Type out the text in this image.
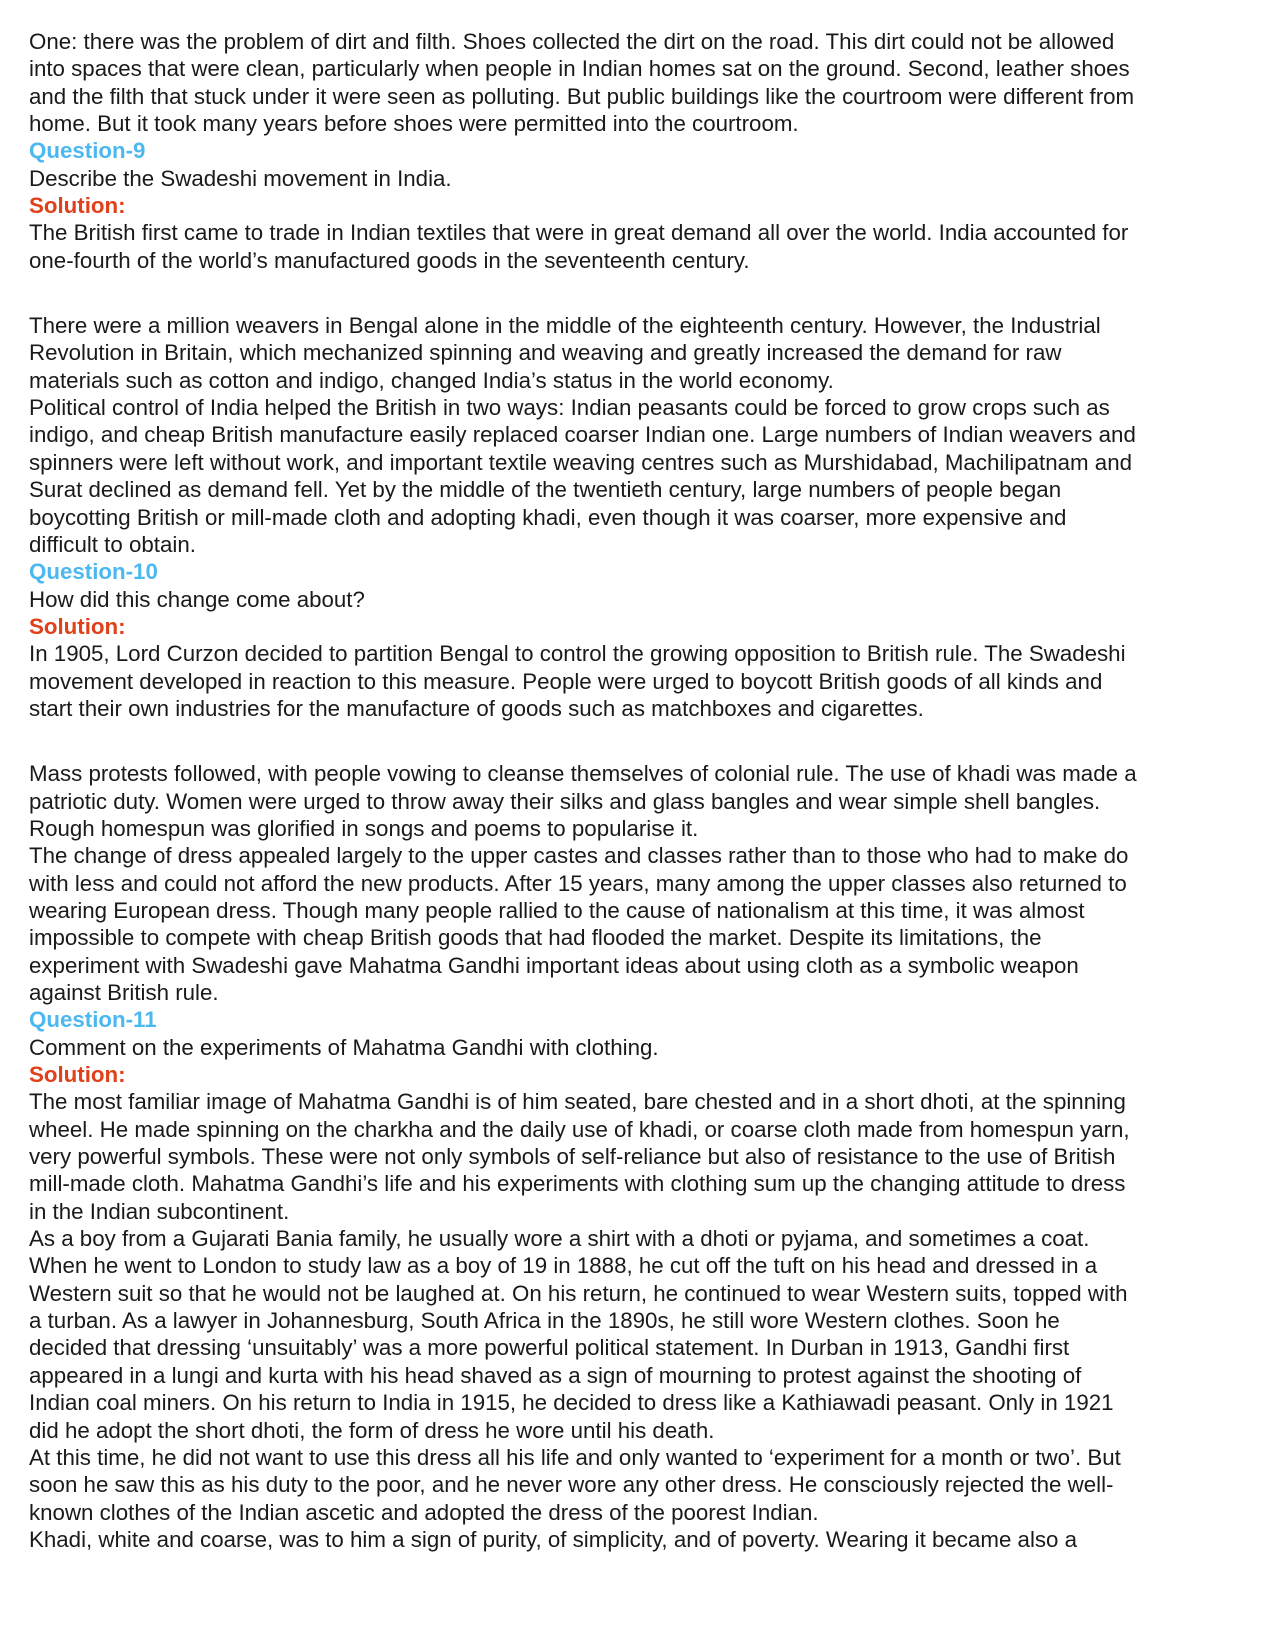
One: there was the problem of dirt and filth. Shoes collected the dirt on the road. This dirt could not be allowed
into spaces that were clean, particularly when people in Indian homes sat on the ground. Second, leather shoes
and the filth that stuck under it were seen as polluting. But public buildings like the courtroom were different from
home. But it took many years before shoes were permitted into the courtroom.
Question-9
Describe the Swadeshi movement in India.
Solution:
The British first came to trade in Indian textiles that were in great demand all over the world. India accounted for
one-fourth of the world’s manufactured goods in the seventeenth century.
There were a million weavers in Bengal alone in the middle of the eighteenth century. However, the Industrial
Revolution in Britain, which mechanized spinning and weaving and greatly increased the demand for raw
materials such as cotton and indigo, changed India’s status in the world economy.
Political control of India helped the British in two ways: Indian peasants could be forced to grow crops such as
indigo, and cheap British manufacture easily replaced coarser Indian one. Large numbers of Indian weavers and
spinners were left without work, and important textile weaving centres such as Murshidabad, Machilipatnam and
Surat declined as demand fell. Yet by the middle of the twentieth century, large numbers of people began
boycotting British or mill-made cloth and adopting khadi, even though it was coarser, more expensive and
difficult to obtain.
Question-10
How did this change come about?
Solution:
In 1905, Lord Curzon decided to partition Bengal to control the growing opposition to British rule. The Swadeshi
movement developed in reaction to this measure. People were urged to boycott British goods of all kinds and
start their own industries for the manufacture of goods such as matchboxes and cigarettes.
Mass protests followed, with people vowing to cleanse themselves of colonial rule. The use of khadi was made a
patriotic duty. Women were urged to throw away their silks and glass bangles and wear simple shell bangles.
Rough homespun was glorified in songs and poems to popularise it.
The change of dress appealed largely to the upper castes and classes rather than to those who had to make do
with less and could not afford the new products. After 15 years, many among the upper classes also returned to
wearing European dress. Though many people rallied to the cause of nationalism at this time, it was almost
impossible to compete with cheap British goods that had flooded the market. Despite its limitations, the
experiment with Swadeshi gave Mahatma Gandhi important ideas about using cloth as a symbolic weapon
against British rule.
Question-11
Comment on the experiments of Mahatma Gandhi with clothing.
Solution:
The most familiar image of Mahatma Gandhi is of him seated, bare chested and in a short dhoti, at the spinning
wheel. He made spinning on the charkha and the daily use of khadi, or coarse cloth made from homespun yarn,
very powerful symbols. These were not only symbols of self-reliance but also of resistance to the use of British
mill-made cloth. Mahatma Gandhi’s life and his experiments with clothing sum up the changing attitude to dress
in the Indian subcontinent.
As a boy from a Gujarati Bania family, he usually wore a shirt with a dhoti or pyjama, and sometimes a coat.
When he went to London to study law as a boy of 19 in 1888, he cut off the tuft on his head and dressed in a
Western suit so that he would not be laughed at. On his return, he continued to wear Western suits, topped with
a turban. As a lawyer in Johannesburg, South Africa in the 1890s, he still wore Western clothes. Soon he
decided that dressing ‘unsuitably’ was a more powerful political statement. In Durban in 1913, Gandhi first
appeared in a lungi and kurta with his head shaved as a sign of mourning to protest against the shooting of
Indian coal miners. On his return to India in 1915, he decided to dress like a Kathiawadi peasant. Only in 1921
did he adopt the short dhoti, the form of dress he wore until his death.
At this time, he did not want to use this dress all his life and only wanted to ‘experiment for a month or two’. But
soon he saw this as his duty to the poor, and he never wore any other dress. He consciously rejected the well-
known clothes of the Indian ascetic and adopted the dress of the poorest Indian.
Khadi, white and coarse, was to him a sign of purity, of simplicity, and of poverty. Wearing it became also a
